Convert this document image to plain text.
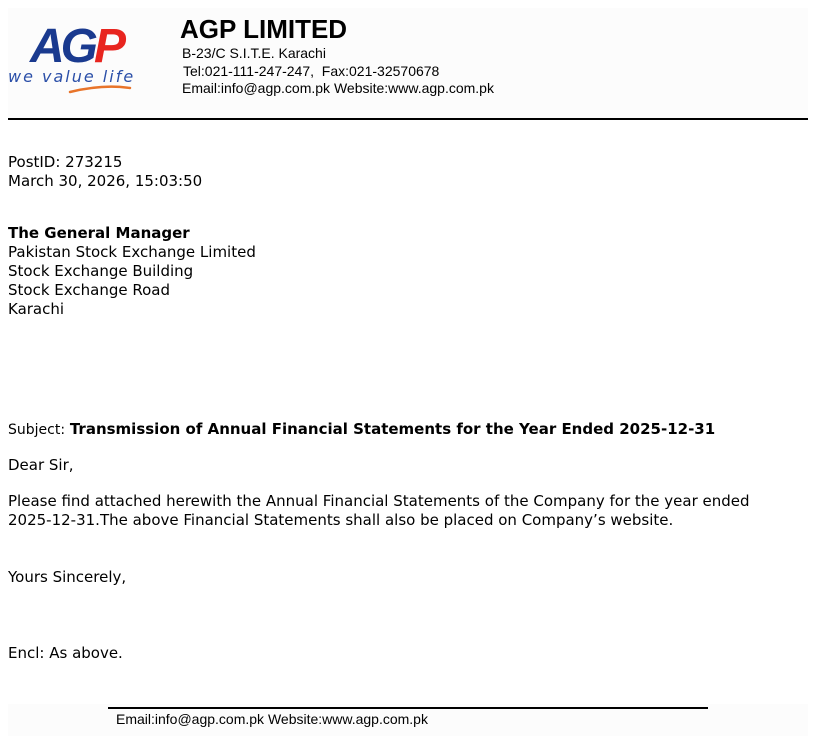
AGP
we value life
AGP LIMITED
B-23/C S.I.T.E. Karachi
Tel:021-111-247-247,  Fax:021-32570678
Email:info@agp.com.pk Website:www.agp.com.pk
PostID: 273215
March 30, 2026, 15:03:50
The General Manager
Pakistan Stock Exchange Limited
Stock Exchange Building
Stock Exchange Road
Karachi
Subject: Transmission of Annual Financial Statements for the Year Ended 2025-12-31
Dear Sir,
Please find attached herewith the Annual Financial Statements of the Company for the year ended
2025-12-31.The above Financial Statements shall also be placed on Company’s website.
Yours Sincerely,
Encl: As above.
Email:info@agp.com.pk Website:www.agp.com.pk
